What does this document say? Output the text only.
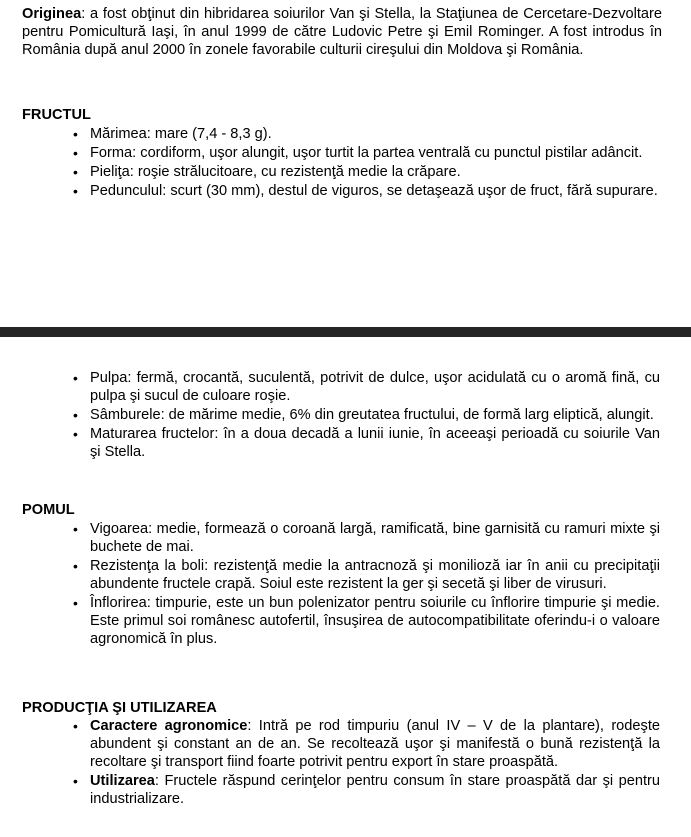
Originea: a fost obţinut din hibridarea soiurilor Van şi Stella, la Staţiunea de Cercetare-Dezvoltare pentru Pomicultură Iaşi, în anul 1999 de către Ludovic Petre şi Emil Rominger. A fost introdus în România după anul 2000 în zonele favorabile culturii cireşului din Moldova şi România.

FRUCTUL
• Mărimea: mare (7,4 - 8,3 g).
• Forma: cordiform, uşor alungit, uşor turtit la partea ventrală cu punctul pistilar adâncit.
• Pieliţa: roşie strălucitoare, cu rezistenţă medie la crăpare.
• Pedunculul: scurt (30 mm), destul de viguros, se detaşează uşor de fruct, fără supurare.
• Pulpa: fermă, crocantă, suculentă, potrivit de dulce, uşor acidulată cu o aromă fină, cu pulpa şi sucul de culoare roşie.
• Sâmburele: de mărime medie, 6% din greutatea fructului, de formă larg eliptică, alungit.
• Maturarea fructelor: în a doua decadă a lunii iunie, în aceeaşi perioadă cu soiurile Van şi Stella.
POMUL
• Vigoarea: medie, formează o coroană largă, ramificată, bine garnisită cu ramuri mixte şi buchete de mai.
• Rezistenţa la boli: rezistenţă medie la antracnoză şi monilioză iar în anii cu precipitaţii abundente fructele crapă. Soiul este rezistent la ger şi secetă şi liber de virusuri.
• Înflorirea: timpurie, este un bun polenizator pentru soiurile cu înflorire timpurie şi medie. Este primul soi românesc autofertil, însuşirea de autocompatibilitate oferindu-i o valoare agronomică în plus.
PRODUCŢIA ŞI UTILIZAREA
• Caractere agronomice: Intră pe rod timpuriu (anul IV – V de la plantare), rodeşte abundent şi constant an de an. Se recoltează uşor şi manifestă o bună rezistenţă la recoltare şi transport fiind foarte potrivit pentru export în stare proaspătă.
• Utilizarea: Fructele răspund cerinţelor pentru consum în stare proaspătă dar şi pentru industrializare.
